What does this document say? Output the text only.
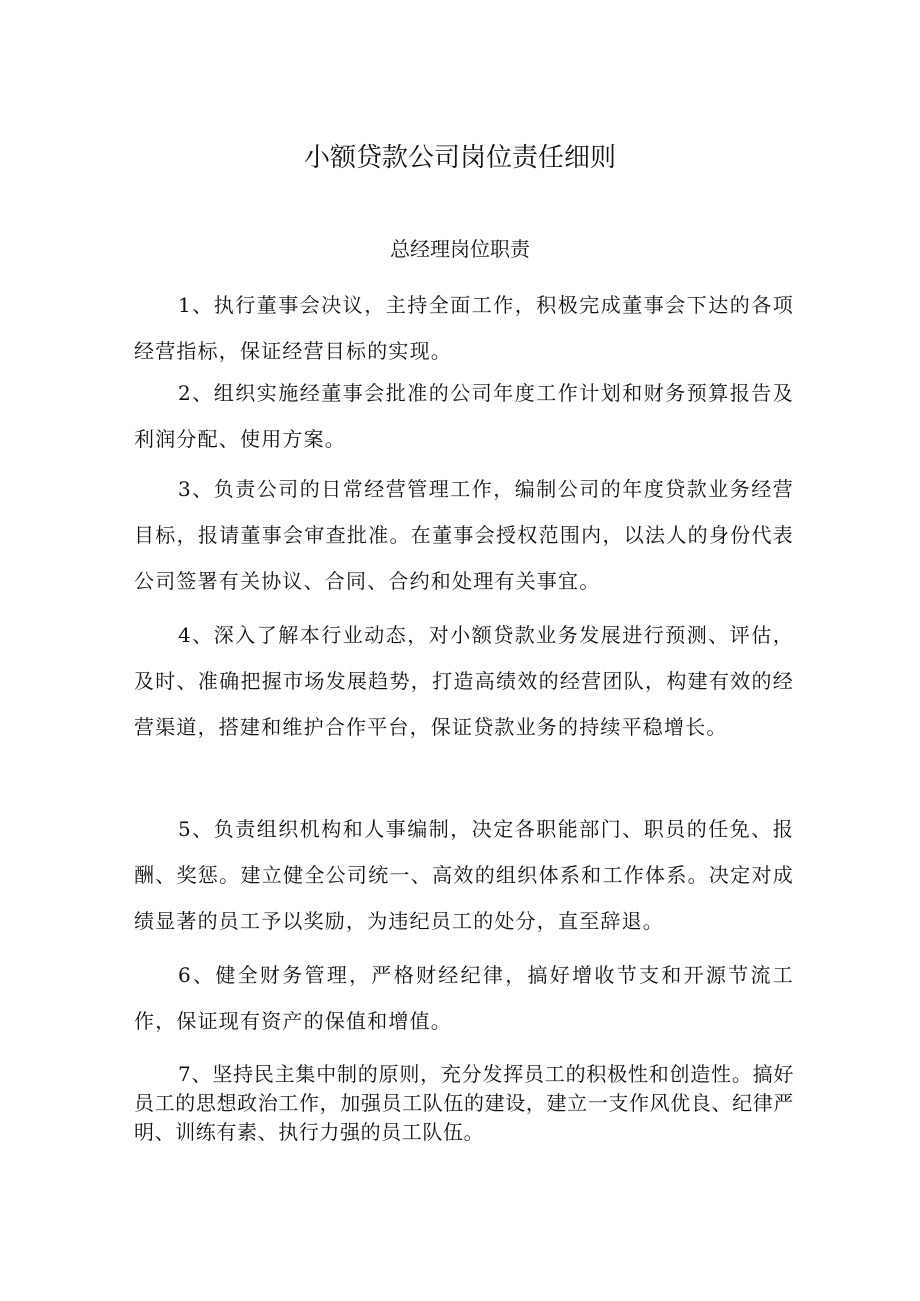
小额贷款公司岗位责任细则
总经理岗位职责

1、执行董事会决议，主持全面工作，积极完成董事会下达的各项经营指标，保证经营目标的实现。

2、组织实施经董事会批准的公司年度工作计划和财务预算报告及利润分配、使用方案。

3、负责公司的日常经营管理工作，编制公司的年度贷款业务经营目标，报请董事会审查批准。在董事会授权范围内，以法人的身份代表公司签署有关协议、合同、合约和处理有关事宜。

4、深入了解本行业动态，对小额贷款业务发展进行预测、评估，及时、准确把握市场发展趋势，打造高绩效的经营团队，构建有效的经营渠道，搭建和维护合作平台，保证贷款业务的持续平稳增长。

5、负责组织机构和人事编制，决定各职能部门、职员的任免、报酬、奖惩。建立健全公司统一、高效的组织体系和工作体系。决定对成绩显著的员工予以奖励，为违纪员工的处分，直至辞退。

6、健全财务管理，严格财经纪律，搞好增收节支和开源节流工作，保证现有资产的保值和增值。

7、坚持民主集中制的原则，充分发挥员工的积极性和创造性。搞好员工的思想政治工作，加强员工队伍的建设，建立一支作风优良、纪律严明、训练有素、执行力强的员工队伍。
